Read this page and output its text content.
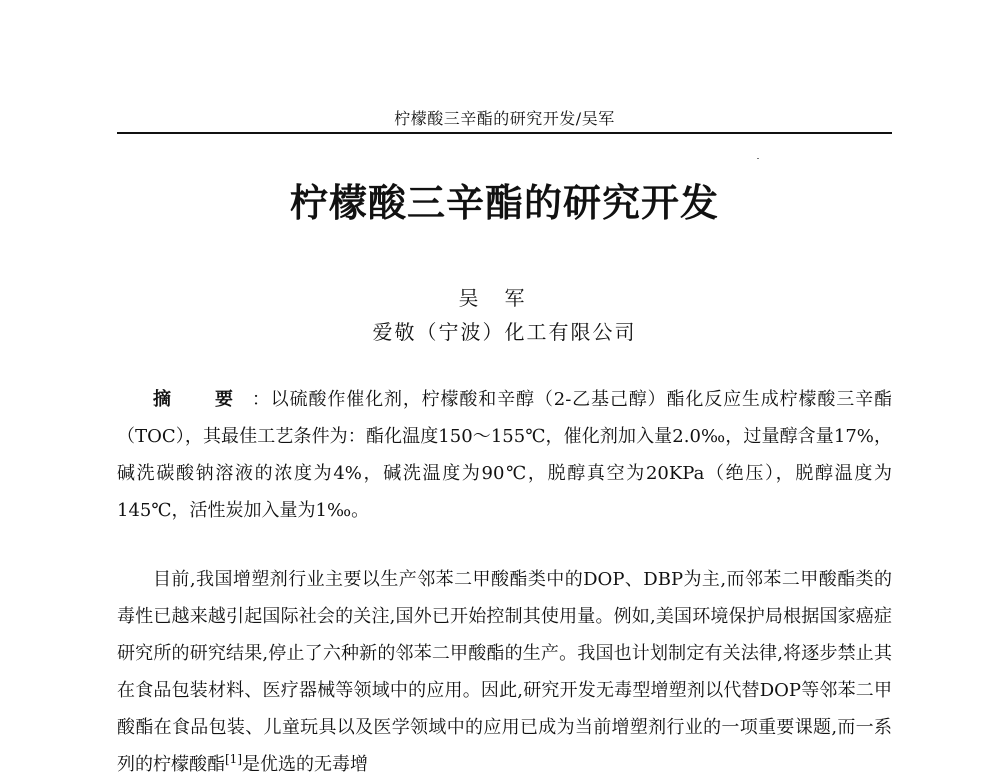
柠檬酸三辛酯的研究开发/吴军
柠檬酸三辛酯的研究开发
吴军
爱敬（宁波）化工有限公司

摘 要：以硫酸作催化剂，柠檬酸和辛醇（2-乙基己醇）酯化反应生成柠檬酸三辛酯（TOC），其最佳工艺条件为：酯化温度150～155℃，催化剂加入量2.0‰，过量醇含量17%，碱洗碳酸钠溶液的浓度为4%，碱洗温度为90℃，脱醇真空为20KPa（绝压），脱醇温度为145℃，活性炭加入量为1‰。

目前,我国增塑剂行业主要以生产邻苯二甲酸酯类中的DOP、DBP为主,而邻苯二甲酸酯类的毒性已越来越引起国际社会的关注,国外已开始控制其使用量。例如,美国环境保护局根据国家癌症研究所的研究结果,停止了六种新的邻苯二甲酸酯的生产。我国也计划制定有关法律,将逐步禁止其在食品包装材料、医疗器械等领域中的应用。因此,研究开发无毒型增塑剂以代替DOP等邻苯二甲酸酯在食品包装、儿童玩具以及医学领域中的应用已成为当前增塑剂行业的一项重要课题,而一系列的柠檬酸酯[1]是优选的无毒增
